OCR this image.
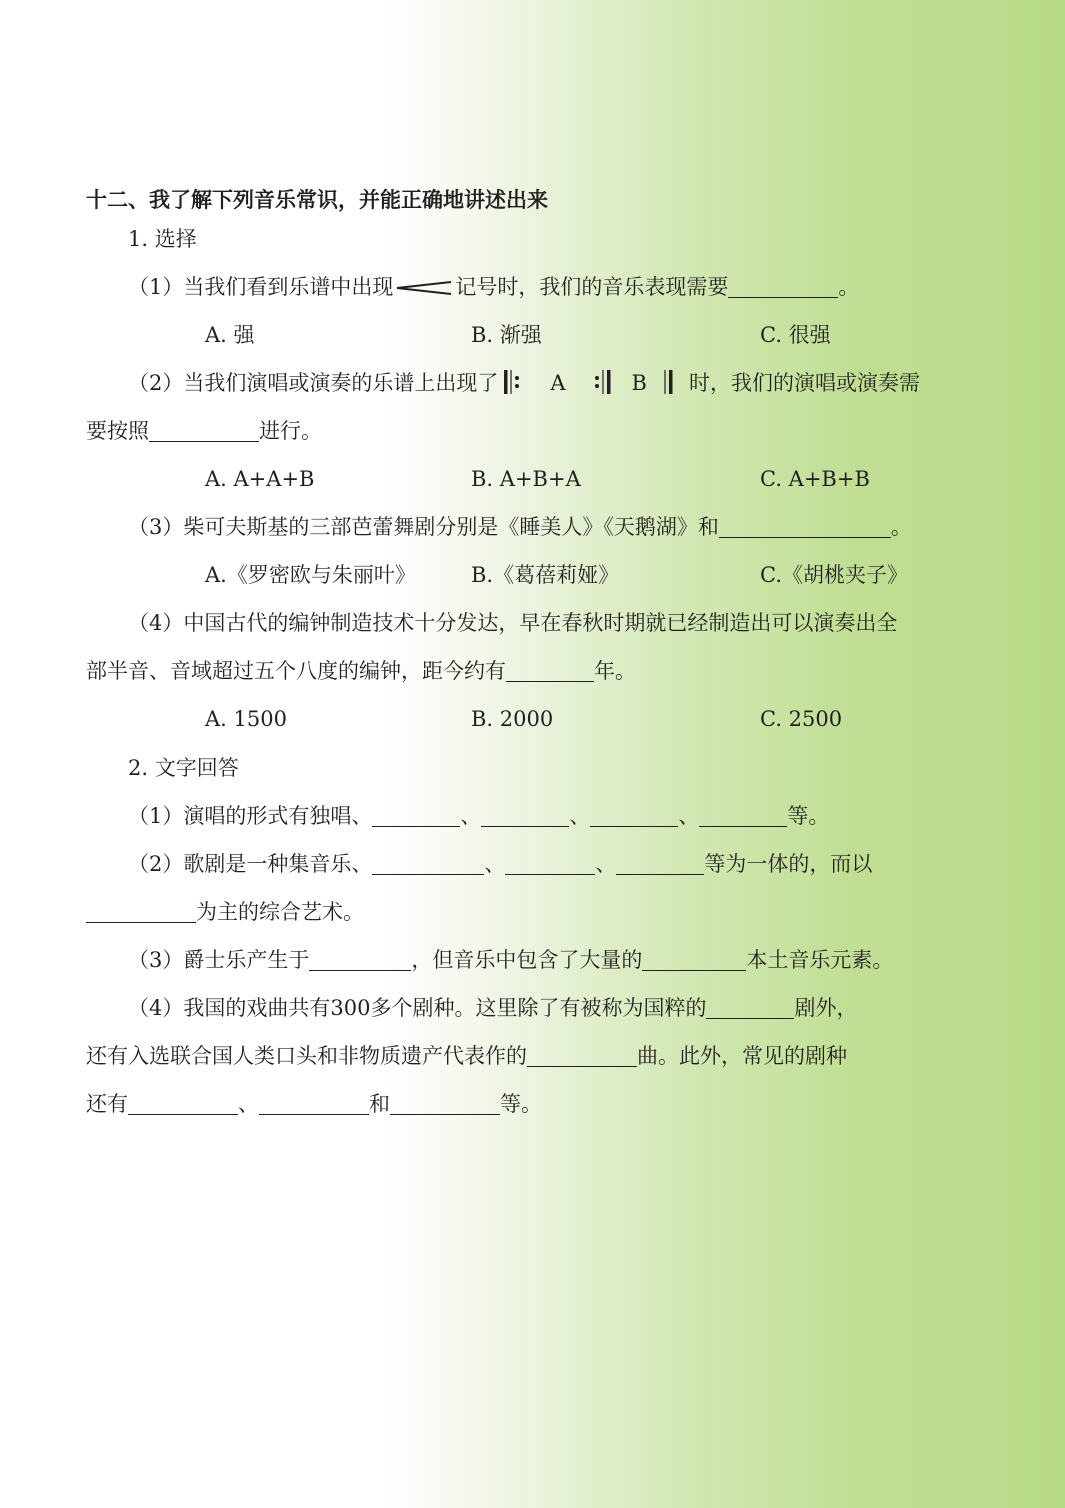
十二、我了解下列音乐常识，并能正确地讲述出来
1. 选择
（1）当我们看到乐谱中出现	记号时，我们的音乐表现需要	。
A. 强	B. 渐强	C. 很强
（2）当我们演唱或演奏的乐谱上出现了 A	B 时，我们的演唱或演奏需
要按照	进行。
A. A+A+B	B. A+B+A	C. A+B+B
（3）柴可夫斯基的三部芭蕾舞剧分别是《睡美人》《天鹅湖》和	。
A.《罗密欧与朱丽叶》	B.《葛蓓莉娅》	C.《胡桃夹子》
（4）中国古代的编钟制造技术十分发达，早在春秋时期就已经制造出可以演奏出全
部半音、音域超过五个八度的编钟，距今约有	年。
A. 1500	B. 2000	C. 2500
2. 文字回答
（1）演唱的形式有独唱、	、	、	、	等。
（2）歌剧是一种集音乐、	、	、	等为一体的，而以
为主的综合艺术。
（3）爵士乐产生于	，但音乐中包含了大量的	本土音乐元素。
（4）我国的戏曲共有300多个剧种。这里除了有被称为国粹的	剧外，
还有入选联合国人类口头和非物质遗产代表作的	曲。此外，常见的剧种
还有	、	和	等。
